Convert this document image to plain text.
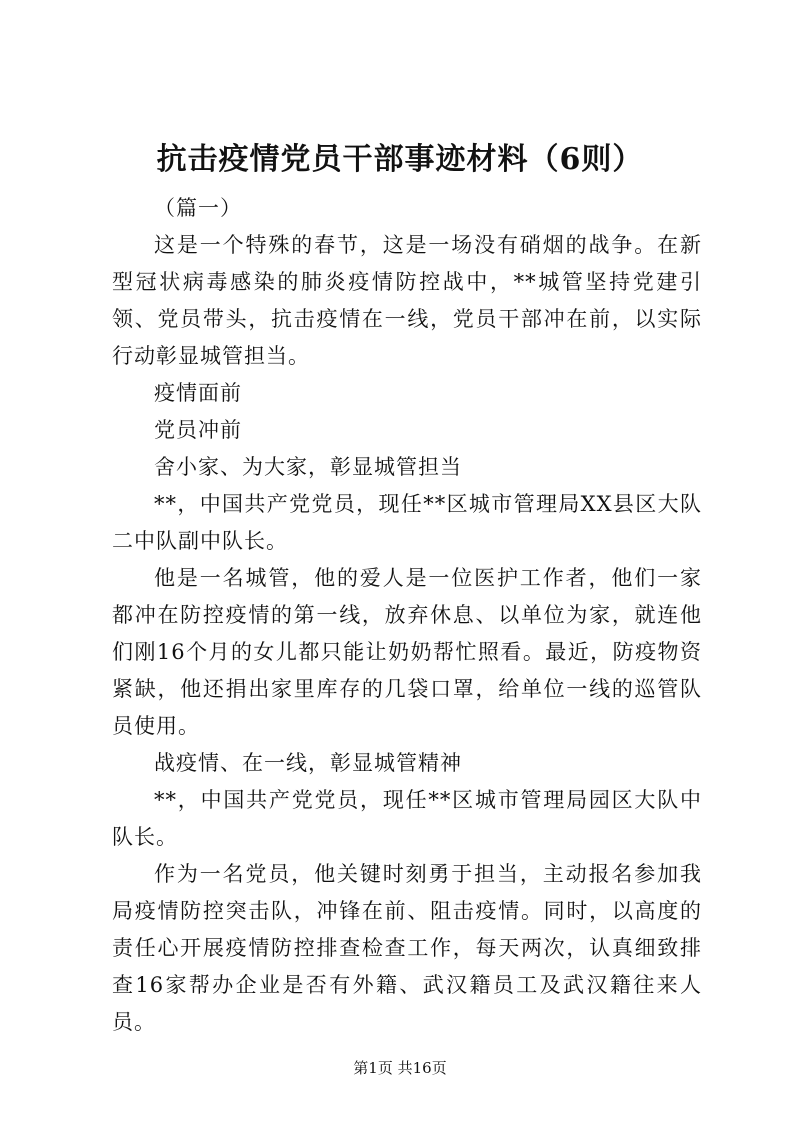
抗击疫情党员干部事迹材料（6则）

（篇一）

这是一个特殊的春节，这是一场没有硝烟的战争。在新型冠状病毒感染的肺炎疫情防控战中，**城管坚持党建引领、党员带头，抗击疫情在一线，党员干部冲在前，以实际行动彰显城管担当。

疫情面前

党员冲前

舍小家、为大家，彰显城管担当

**，中国共产党党员，现任**区城市管理局XX县区大队二中队副中队长。

他是一名城管，他的爱人是一位医护工作者，他们一家都冲在防控疫情的第一线，放弃休息、以单位为家，就连他们刚16个月的女儿都只能让奶奶帮忙照看。最近，防疫物资紧缺，他还捐出家里库存的几袋口罩，给单位一线的巡管队员使用。

战疫情、在一线，彰显城管精神

**，中国共产党党员，现任**区城市管理局园区大队中队长。

作为一名党员，他关键时刻勇于担当，主动报名参加我局疫情防控突击队，冲锋在前、阻击疫情。同时，以高度的责任心开展疫情防控排查检查工作，每天两次，认真细致排查16家帮办企业是否有外籍、武汉籍员工及武汉籍往来人员。

第1页 共16页
